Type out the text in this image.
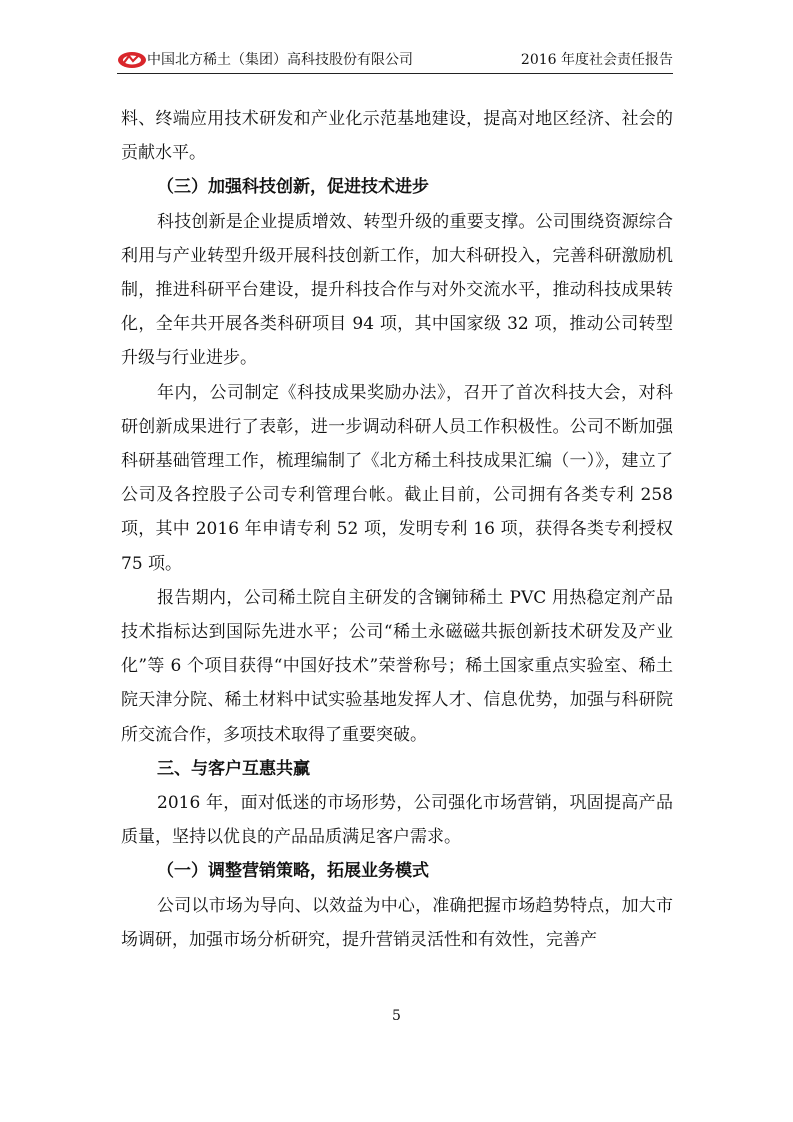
中国北方稀土（集团）高科技股份有限公司	2016 年度社会责任报告

料、终端应用技术研发和产业化示范基地建设，提高对地区经济、社会的贡献水平。

（三）加强科技创新，促进技术进步

科技创新是企业提质增效、转型升级的重要支撑。公司围绕资源综合利用与产业转型升级开展科技创新工作，加大科研投入，完善科研激励机制，推进科研平台建设，提升科技合作与对外交流水平，推动科技成果转化，全年共开展各类科研项目 94 项，其中国家级 32 项，推动公司转型升级与行业进步。

年内，公司制定《科技成果奖励办法》，召开了首次科技大会，对科研创新成果进行了表彰，进一步调动科研人员工作积极性。公司不断加强科研基础管理工作，梳理编制了《北方稀土科技成果汇编（一）》，建立了公司及各控股子公司专利管理台帐。截止目前，公司拥有各类专利 258 项，其中 2016 年申请专利 52 项，发明专利 16 项，获得各类专利授权 75 项。

报告期内，公司稀土院自主研发的含镧铈稀土 PVC 用热稳定剂产品技术指标达到国际先进水平；公司“稀土永磁磁共振创新技术研发及产业化”等 6 个项目获得“中国好技术”荣誉称号；稀土国家重点实验室、稀土院天津分院、稀土材料中试实验基地发挥人才、信息优势，加强与科研院所交流合作，多项技术取得了重要突破。

三、与客户互惠共赢

2016 年，面对低迷的市场形势，公司强化市场营销，巩固提高产品质量，坚持以优良的产品品质满足客户需求。

（一）调整营销策略，拓展业务模式

公司以市场为导向、以效益为中心，准确把握市场趋势特点，加大市场调研，加强市场分析研究，提升营销灵活性和有效性，完善产

5
